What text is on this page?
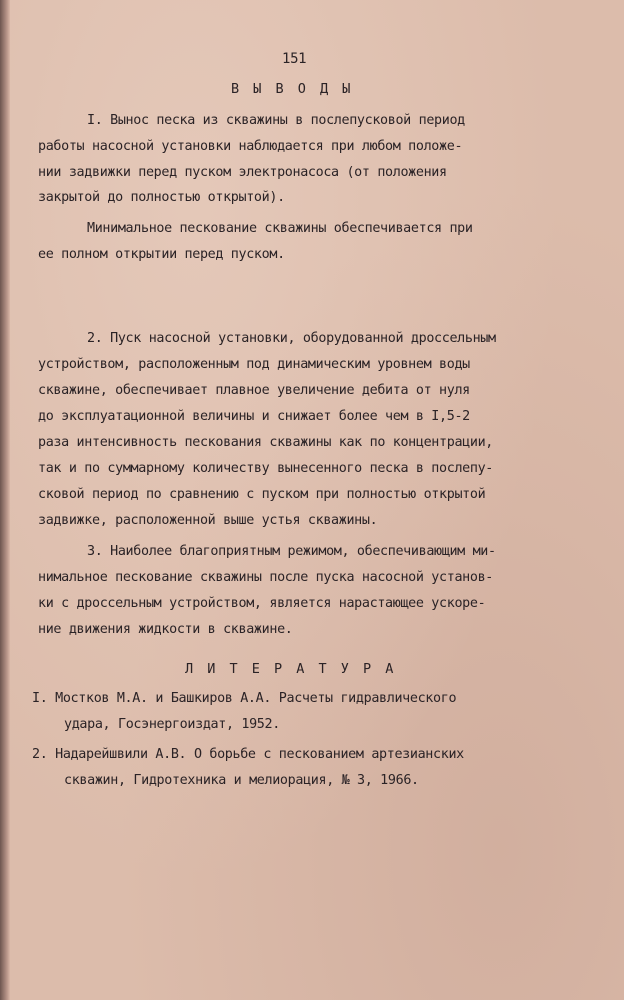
151
В Ы В О Д Ы
I. Вынос песка из скважины в послепусковой период
работы насосной установки наблюдается при любом положе-
нии задвижки перед пуском электронасоса (от положения
закрытой до полностью открытой).
Минимальное пескование скважины обеспечивается при
ее полном открытии перед пуском.
2. Пуск насосной установки, оборудованной дроссельным
устройством, расположенным под динамическим уровнем воды
скважине, обеспечивает плавное увеличение дебита от нуля
до эксплуатационной величины и снижает более чем в I,5-2
раза интенсивность пескования скважины как по концентрации,
так и по суммарному количеству вынесенного песка в послепу-
сковой период по сравнению с пуском при полностью открытой
задвижке, расположенной выше устья скважины.
3. Наиболее благоприятным режимом, обеспечивающим ми-
нимальное пескование скважины после пуска насосной установ-
ки с дроссельным устройством, является нарастающее ускоре-
ние движения жидкости в скважине.
Л И Т Е Р А Т У Р А
I. Мостков М.А. и Башкиров А.А. Расчеты гидравлического
удара, Госэнергоиздат, 1952.
2. Надарейшвили А.В. О борьбе с пескованием артезианских
скважин, Гидротехника и мелиорация, № 3, 1966.
